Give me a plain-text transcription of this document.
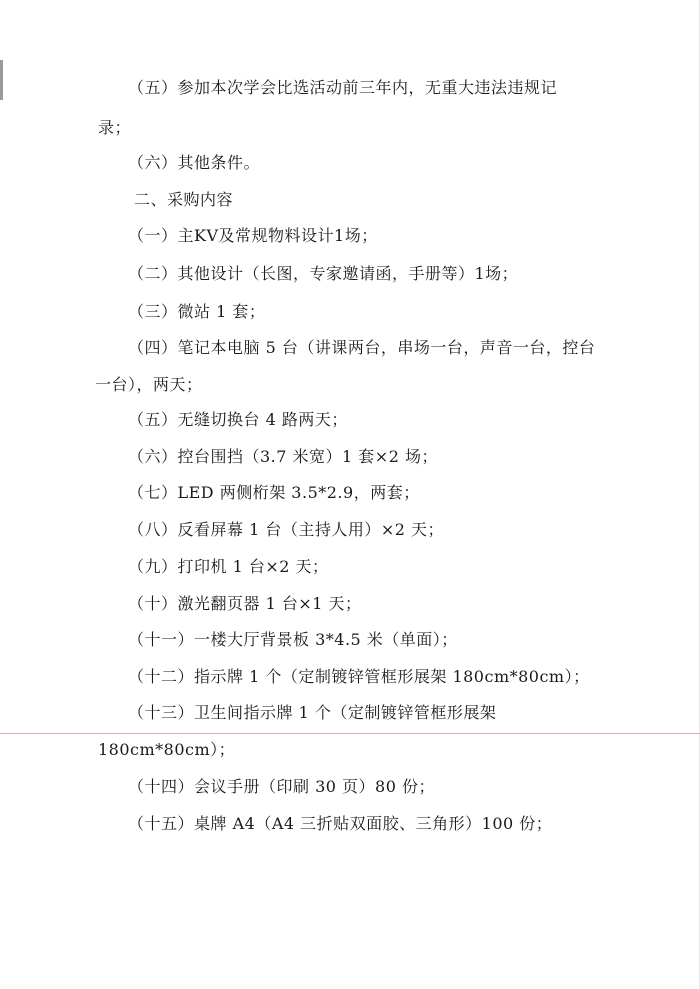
（五）参加本次学会比选活动前三年内，无重大违法违规记
录；
（六）其他条件。
二、采购内容
（一）主KV及常规物料设计1场；
（二）其他设计（长图，专家邀请函，手册等）1场；
（三）微站 1 套；
（四）笔记本电脑 5 台（讲课两台，串场一台，声音一台，控台
一台），两天；
（五）无缝切换台 4 路两天；
（六）控台围挡（3.7 米宽）1 套×2 场；
（七）LED 两侧桁架 3.5*2.9，两套；
（八）反看屏幕 1 台（主持人用）×2 天；
（九）打印机 1 台×2 天；
（十）激光翻页器 1 台×1 天；
（十一）一楼大厅背景板 3*4.5 米（单面）；
（十二）指示牌 1 个（定制镀锌管框形展架 180cm*80cm）；
（十三）卫生间指示牌 1 个（定制镀锌管框形展架
180cm*80cm）；
（十四）会议手册（印刷 30 页）80 份；
（十五）桌牌 A4（A4 三折贴双面胶、三角形）100 份；
